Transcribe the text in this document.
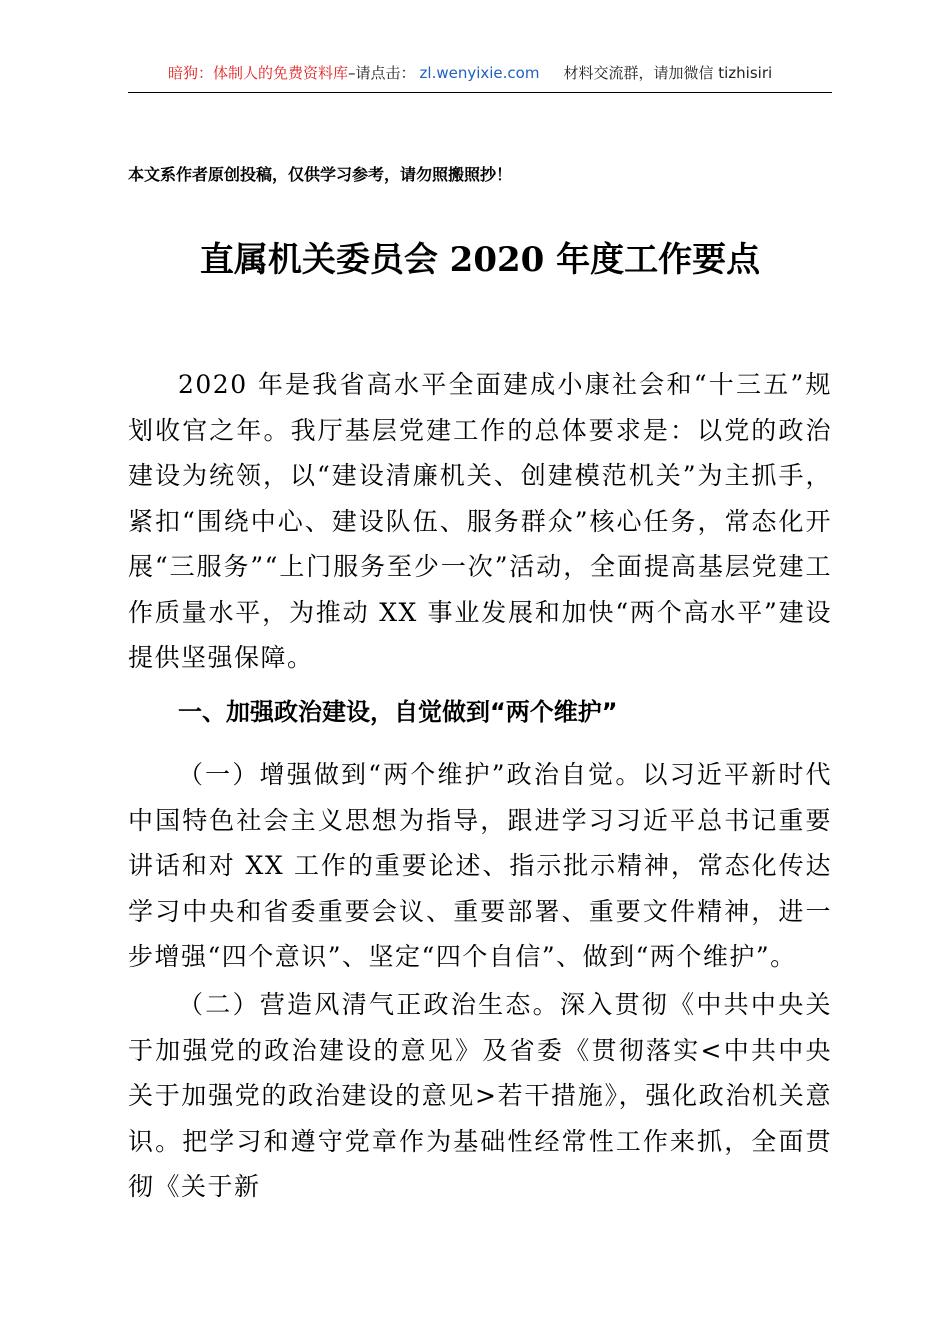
暗狗：体制人的免费资料库–请点击： zl.wenyixie.com 材料交流群，请加微信 tizhisiri
本文系作者原创投稿，仅供学习参考，请勿照搬照抄！
直属机关委员会 2020 年度工作要点

2020 年是我省高水平全面建成小康社会和“十三五”规划收官之年。我厅基层党建工作的总体要求是：以党的政治建设为统领，以“建设清廉机关、创建模范机关”为主抓手，紧扣“围绕中心、建设队伍、服务群众”核心任务，常态化开展“三服务”“上门服务至少一次”活动，全面提高基层党建工作质量水平，为推动 XX 事业发展和加快“两个高水平”建设提供坚强保障。

一、加强政治建设，自觉做到“两个维护”

（一）增强做到“两个维护”政治自觉。以习近平新时代中国特色社会主义思想为指导，跟进学习习近平总书记重要讲话和对 XX 工作的重要论述、指示批示精神，常态化传达学习中央和省委重要会议、重要部署、重要文件精神，进一步增强“四个意识”、坚定“四个自信”、做到“两个维护”。

（二）营造风清气正政治生态。深入贯彻《中共中央关于加强党的政治建设的意见》及省委《贯彻落实<中共中央关于加强党的政治建设的意见>若干措施》，强化政治机关意识。把学习和遵守党章作为基础性经常性工作来抓，全面贯彻《关于新
